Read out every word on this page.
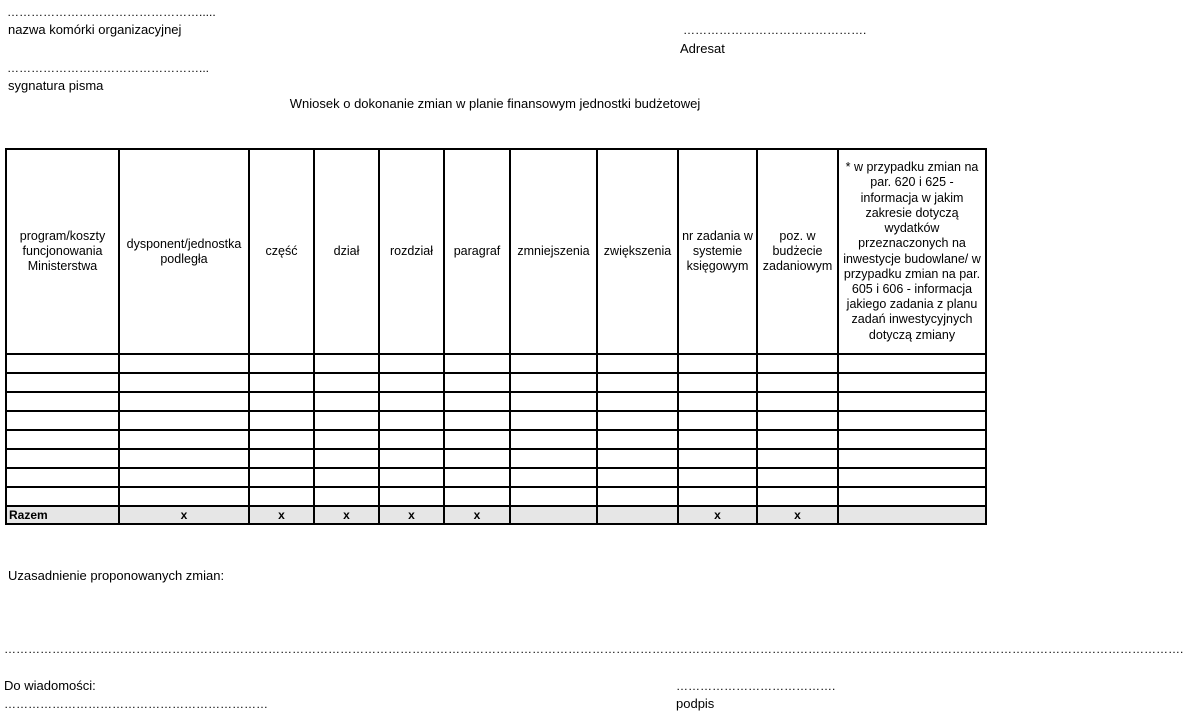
………………………………………….....
nazwa komórki organizacyjnej
…………………………………………...
sygnatura pisma
……………………………………….
Adresat
Wniosek o dokonanie zmian w planie finansowym jednostki budżetowej
program/koszty funcjonowania Ministerstwa	dysponent/jednostka podległa	część	dział	rozdział	paragraf	zmniejszenia	zwiększenia	nr zadania w systemie księgowym	poz. w budżecie zadaniowym	* w przypadku zmian na par. 620 i 625 - informacja w jakim zakresie dotyczą wydatków przeznaczonych na inwestycje budowlane/ w przypadku zmian na par. 605 i 606 - informacja jakiego zadania z planu zadań inwestycyjnych dotyczą zmiany

Razem	x	x	x	x	x			x	x	
Uzasadnienie proponowanych zmian:
…………………………………………………………………………………………………………………………………………………………………………………………………………………………………………………………………….
Do wiadomości:
…………………………………………………………
………………………………….
podpis
